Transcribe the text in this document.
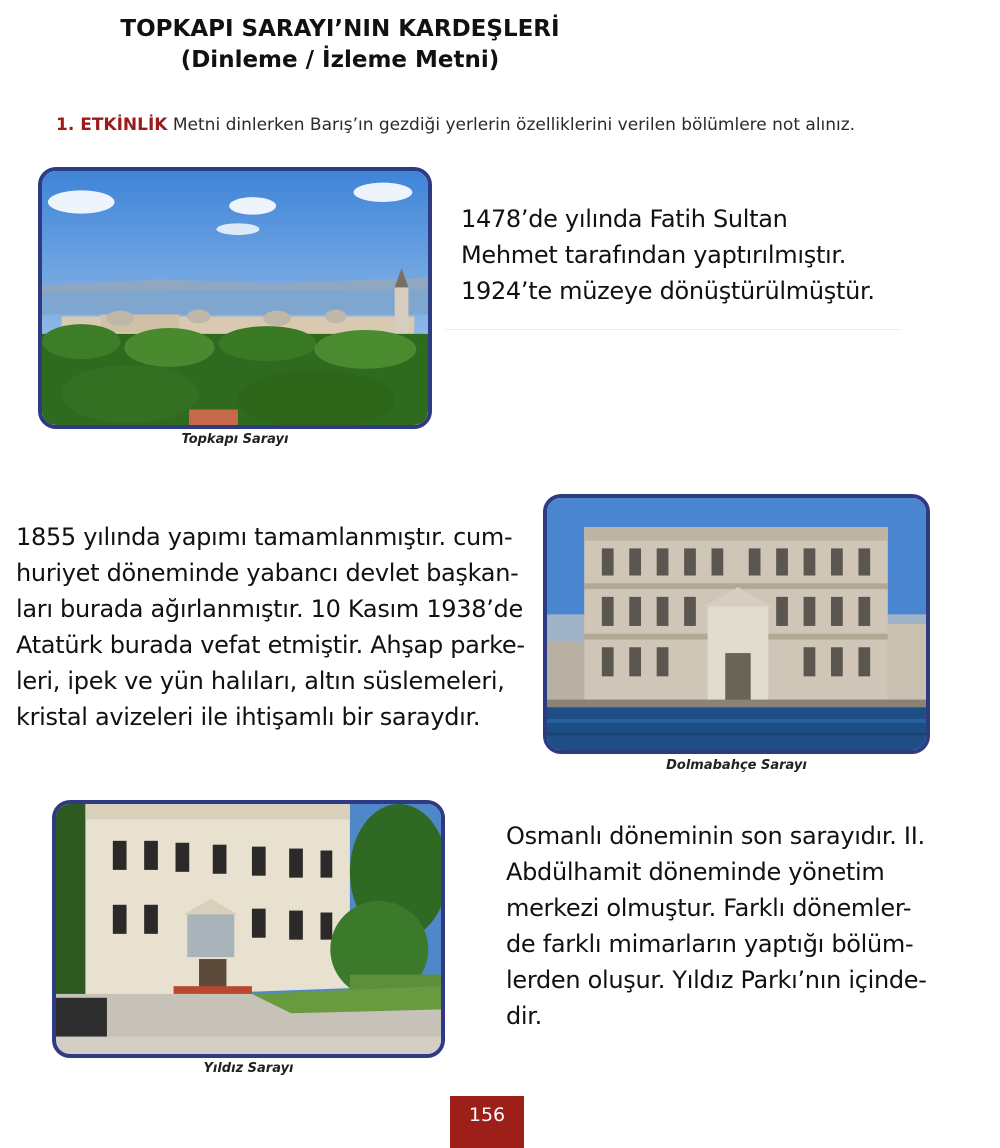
TOPKAPI SARAYI’NIN KARDEŞLERİ
(Dinleme / İzleme Metni)
1. ETKİNLİK Metni dinlerken Barış’ın gezdiği yerlerin özelliklerini verilen bölümlere not alınız.
Topkapı Sarayı
1478’de yılında Fatih Sultan
Mehmet tarafından yaptırılmıştır.
1924’te müzeye dönüştürülmüştür.
1855 yılında yapımı tamamlanmıştır. cum-
huriyet döneminde yabancı devlet başkan-
ları burada ağırlanmıştır. 10 Kasım 1938’de
Atatürk burada vefat etmiştir. Ahşap parke-
leri, ipek ve yün halıları, altın süslemeleri,
kristal avizeleri ile ihtişamlı bir saraydır.
Dolmabahçe Sarayı
Yıldız Sarayı
Osmanlı döneminin son sarayıdır. II.
Abdülhamit döneminde yönetim
merkezi olmuştur. Farklı dönemler-
de farklı mimarların yaptığı bölüm-
lerden oluşur. Yıldız Parkı’nın içinde-
dir.
156
